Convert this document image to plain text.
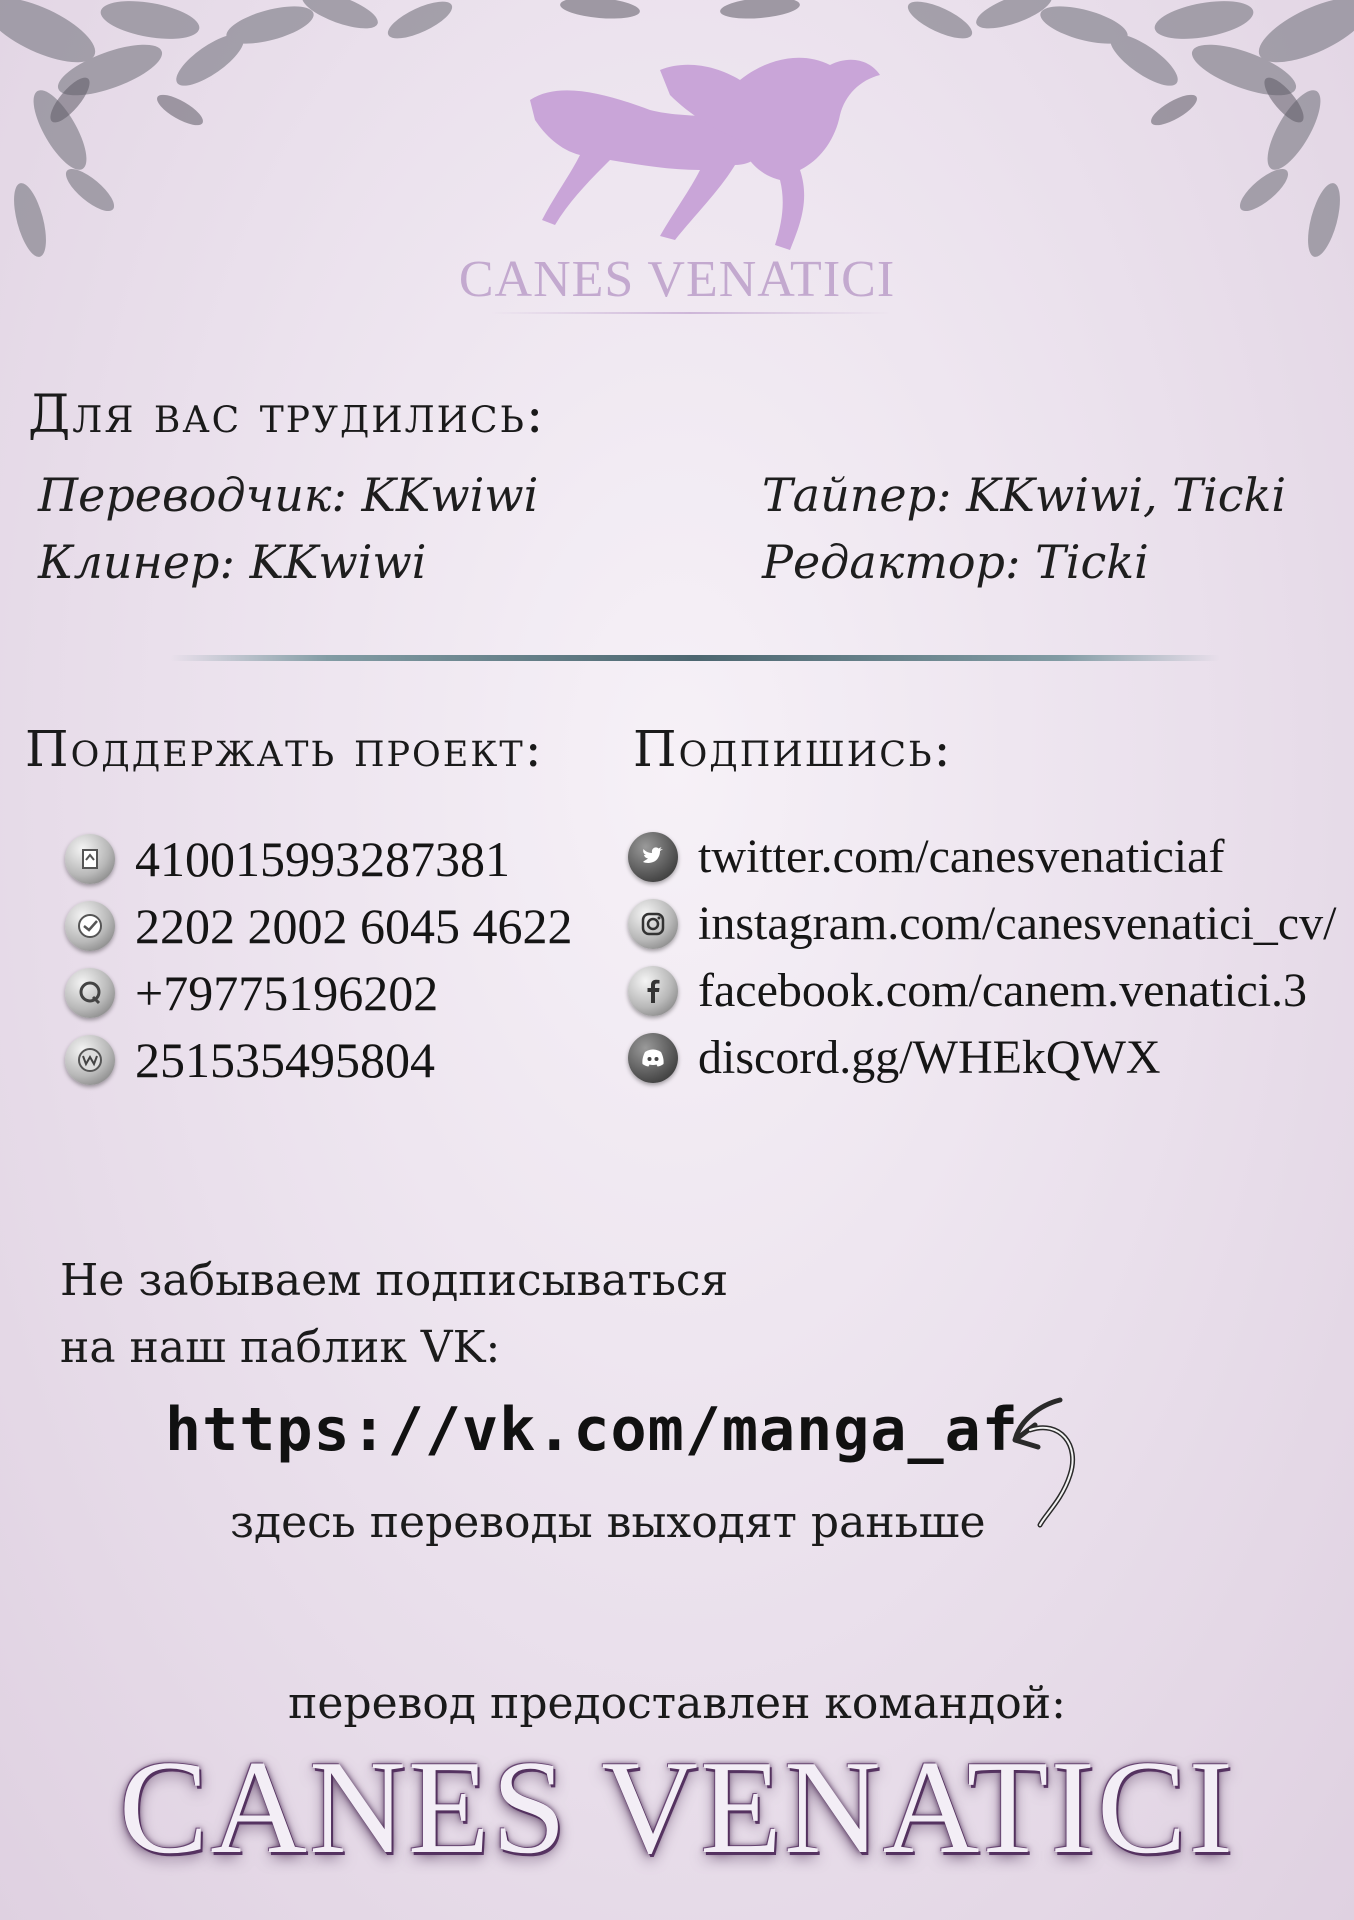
CANES VENATICI
Для вас трудились:
Переводчик: KKwiwi
Клинер: KKwiwi
Тайпер: KKwiwi, Ticki
Редактор: Ticki
Поддержать проект:
410015993287381
2202 2002 6045 4622
+79775196202
251535495804
Подпишись:
twitter.com/canesvenaticiaf
instagram.com/canesvenatici_cv/
facebook.com/canem.venatici.3
discord.gg/WHEkQWX
Не забываем подписываться
на наш паблик VK:
https://vk.com/manga_af
здесь переводы выходят раньше
перевод предоставлен командой:
CANES VENATICI
